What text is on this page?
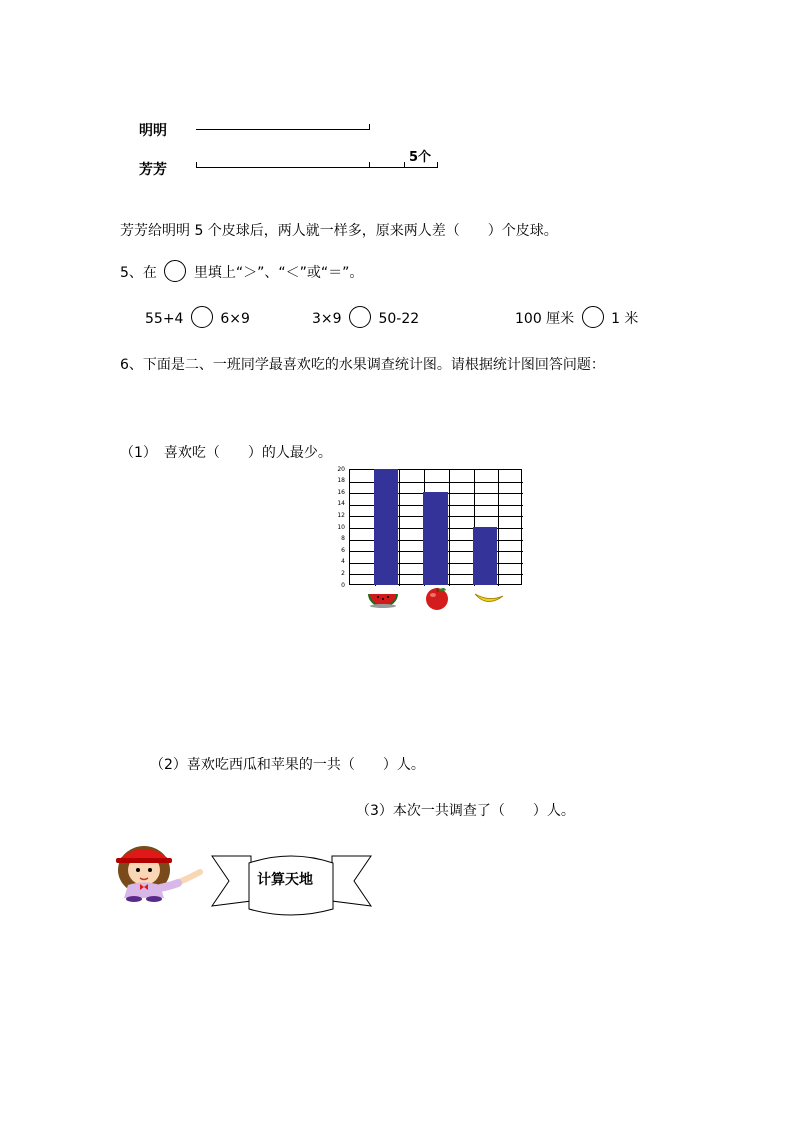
明明
芳芳
5个
芳芳给明明 5 个皮球后，两人就一样多，原来两人差（　　）个皮球。
5、在	里填上“＞”、“＜”或“＝”。
55+4	6×9	3×9	50-22	100 厘米	1 米
6、下面是二、一班同学最喜欢吃的水果调查统计图。请根据统计图回答问题：
（1）　喜欢吃（　　）的人最少。
0
2
4
6
8
10
12
14
16
18
20
（2）喜欢吃西瓜和苹果的一共（　　）人。
（3）本次一共调查了（　　）人。
计算天地
